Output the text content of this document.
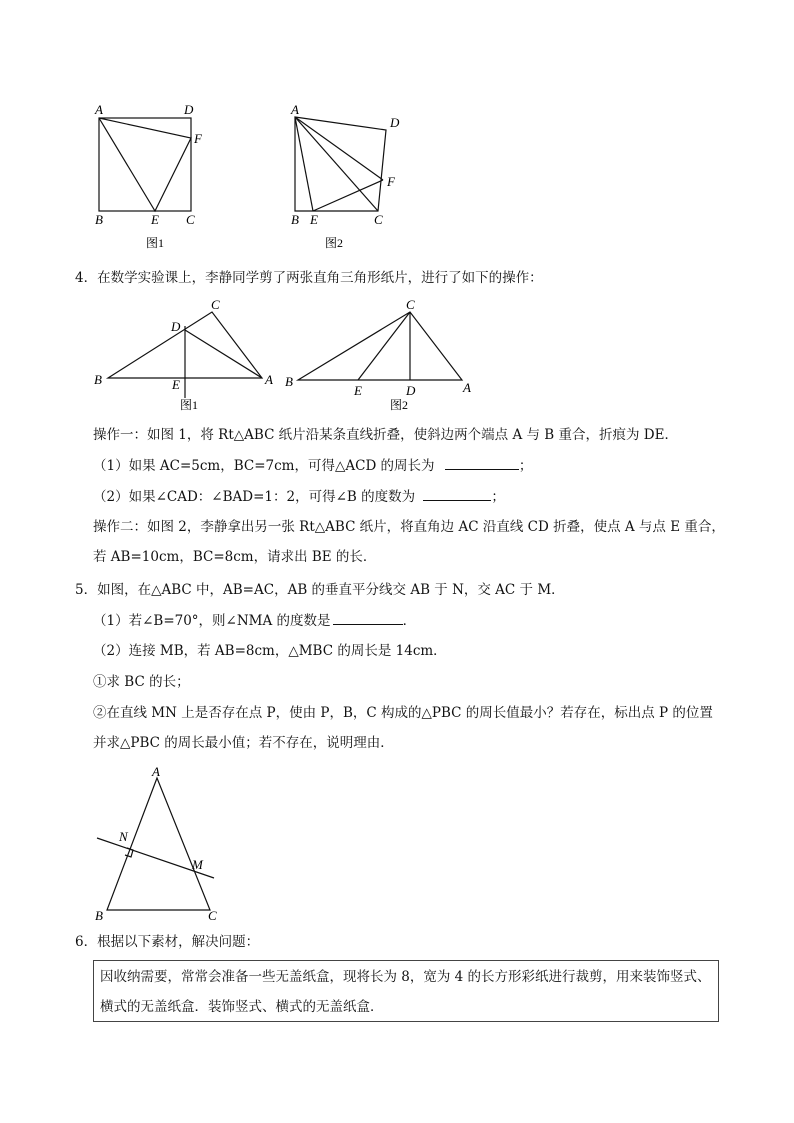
A	D
F
B	E C
图1
A
D
F
B E	C
图2
4．在数学实验课上，李静同学剪了两张直角三角形纸片，进行了如下的操作：
C
D
B	E	A
图1
C
B
E	D	A
图2
操作一：如图 1，将 Rt△ABC 纸片沿某条直线折叠，使斜边两个端点 A 与 B 重合，折痕为 DE．
（1）如果 AC=5cm，BC=7cm，可得△ACD 的周长为	；
（2）如果∠CAD：∠BAD=1：2，可得∠B 的度数为	；
操作二：如图 2，李静拿出另一张 Rt△ABC 纸片，将直角边 AC 沿直线 CD 折叠，使点 A 与点 E 重合，
若 AB=10cm，BC=8cm，请求出 BE 的长．
5．如图，在△ABC 中，AB=AC，AB 的垂直平分线交 AB 于 N，交 AC 于 M．
（1）若∠B=70°，则∠NMA 的度数是	．
（2）连接 MB，若 AB=8cm，△MBC 的周长是 14cm．
①求 BC 的长；
②在直线 MN 上是否存在点 P，使由 P，B，C 构成的△PBC 的周长值最小？若存在，标出点 P 的位置
并求△PBC 的周长最小值；若不存在，说明理由．
A
N
M
B	C
6．根据以下素材，解决问题：
因收纳需要，常常会准备一些无盖纸盒，现将长为 8，宽为 4 的长方形彩纸进行裁剪，用来装饰竖式、
横式的无盖纸盒．装饰竖式、横式的无盖纸盒．
